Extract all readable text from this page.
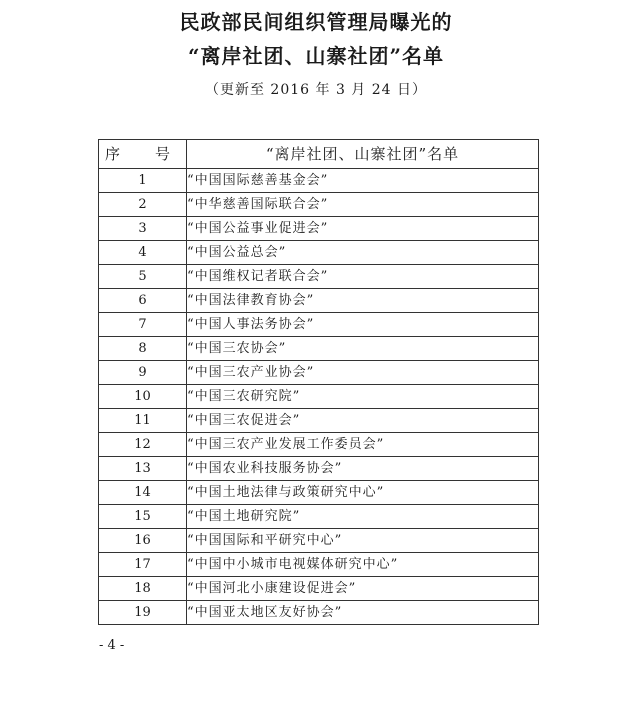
民政部民间组织管理局曝光的
“离岸社团、山寨社团”名单
（更新至 2016 年 3 月 24 日）
序　号	“离岸社团、山寨社团”名单
1	“中国国际慈善基金会”
2	“中华慈善国际联合会”
3	“中国公益事业促进会”
4	“中国公益总会”
5	“中国维权记者联合会”
6	“中国法律教育协会”
7	“中国人事法务协会”
8	“中国三农协会”
9	“中国三农产业协会”
10	“中国三农研究院”
11	“中国三农促进会”
12	“中国三农产业发展工作委员会”
13	“中国农业科技服务协会”
14	“中国土地法律与政策研究中心”
15	“中国土地研究院”
16	“中国国际和平研究中心”
17	“中国中小城市电视媒体研究中心”
18	“中国河北小康建设促进会”
19	“中国亚太地区友好协会”
- 4 -
